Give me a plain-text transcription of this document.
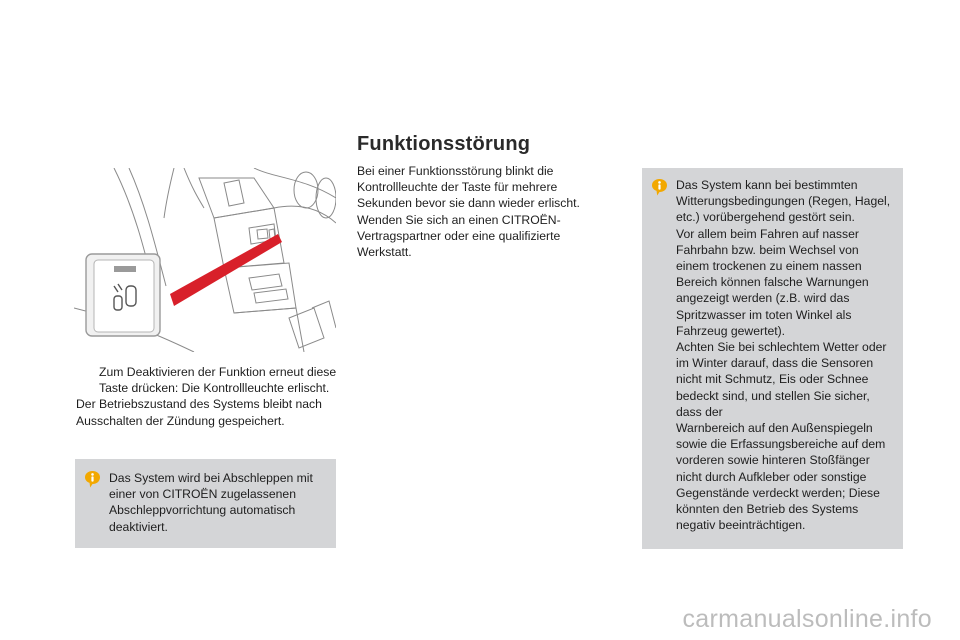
Zum Deaktivieren der Funktion erneut diese Taste drücken: Die Kontrollleuchte erlischt.

Der Betriebszustand des Systems bleibt nach Ausschalten der Zündung gespeichert.

Das System wird bei Abschleppen mit einer von CITROËN zugelassenen Abschleppvorrichtung automatisch deaktiviert.

Funktionsstörung

Bei einer Funktionsstörung blinkt die Kontrollleuchte der Taste für mehrere Sekunden bevor sie dann wieder erlischt. Wenden Sie sich an einen CITROËN-Vertragspartner oder eine qualifizierte Werkstatt.

Das System kann bei bestimmten Witterungsbedingungen (Regen, Hagel, etc.) vorübergehend gestört sein.

Vor allem beim Fahren auf nasser Fahrbahn bzw. beim Wechsel von einem trockenen zu einem nassen Bereich können falsche Warnungen angezeigt werden (z.B. wird das Spritzwasser im toten Winkel als Fahrzeug gewertet).

Achten Sie bei schlechtem Wetter oder im Winter darauf, dass die Sensoren nicht mit Schmutz, Eis oder Schnee bedeckt sind, und stellen Sie sicher, dass der

Warnbereich auf den Außenspiegeln sowie die Erfassungsbereiche auf dem vorderen sowie hinteren Stoßfänger nicht durch Aufkleber oder sonstige Gegenstände verdeckt werden; Diese könnten den Betrieb des Systems negativ beeinträchtigen.

carmanualsonline.info
